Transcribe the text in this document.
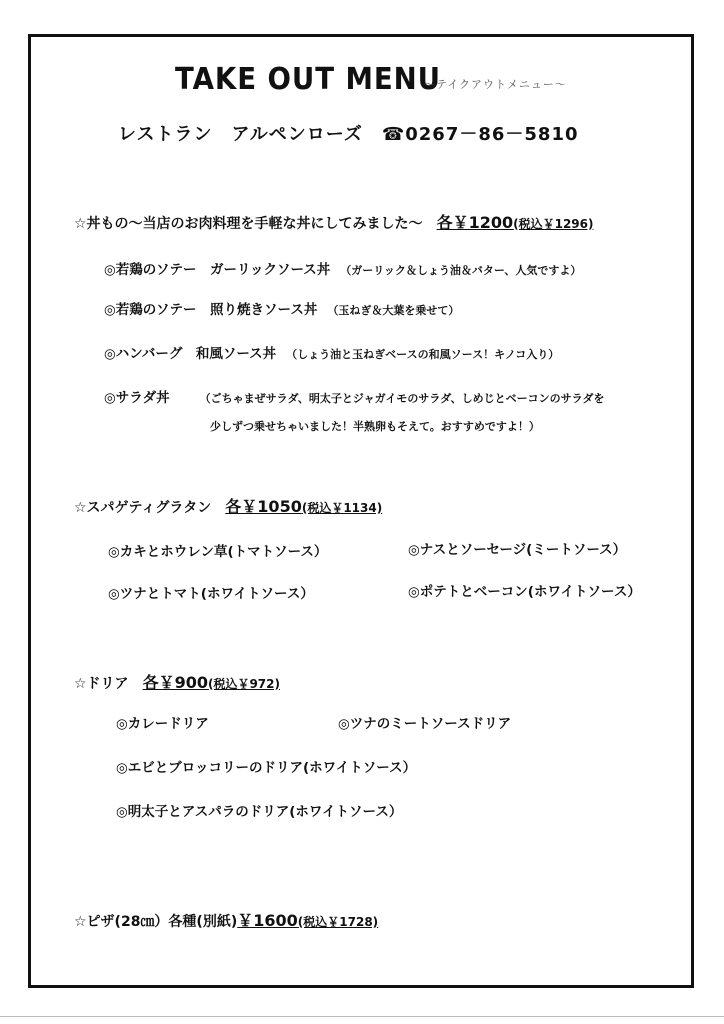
TAKE OUT MENU
〜テイクアウトメニュー〜
レストラン　アルペンローズ　☎0267－86－5810
☆丼もの～当店のお肉料理を手軽な丼にしてみました～　各￥1200(税込￥1296)
◎若鶏のソテー　ガーリックソース丼 （ガーリック＆しょう油＆バター、人気ですよ）
◎若鶏のソテー　照り焼きソース丼 （玉ねぎ＆大葉を乗せて）
◎ハンバーグ　和風ソース丼 （しょう油と玉ねぎベースの和風ソース！キノコ入り）
◎サラダ丼	（ごちゃまぜサラダ、明太子とジャガイモのサラダ、しめじとベーコンのサラダを
少しずつ乗せちゃいました！半熟卵もそえて。おすすめですよ！）
☆スパゲティグラタン　各￥1050(税込￥1134)
◎カキとホウレン草(トマトソース）	◎ナスとソーセージ(ミートソース）
◎ツナとトマト(ホワイトソース）	◎ポテトとベーコン(ホワイトソース）
☆ドリア　各￥900(税込￥972)
◎カレードリア	◎ツナのミートソースドリア
◎エビとブロッコリーのドリア(ホワイトソース）
◎明太子とアスパラのドリア(ホワイトソース）
☆ピザ(28㎝）各種(別紙)￥1600(税込￥1728)
